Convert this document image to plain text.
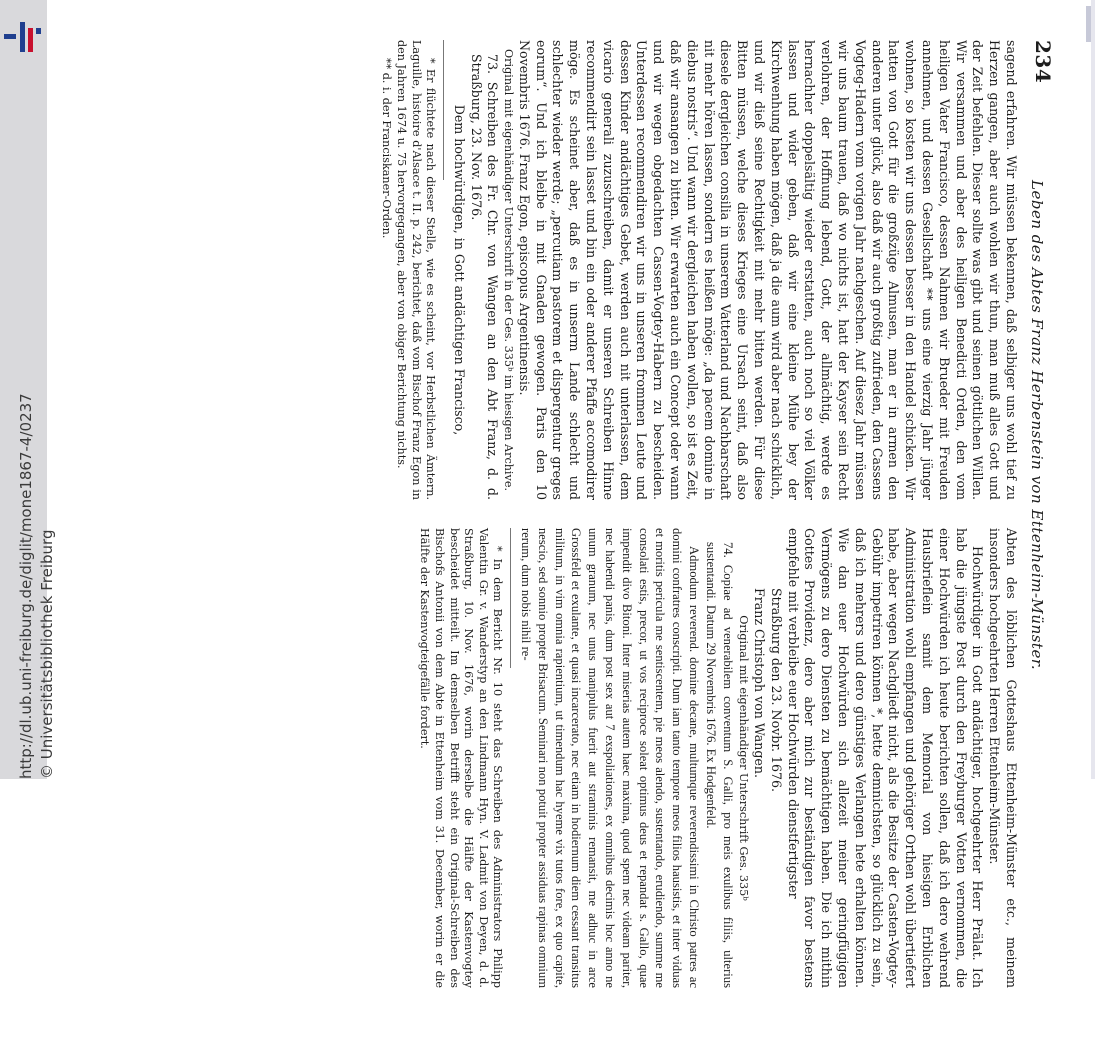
http://dl.ub.uni-freiburg.de/diglit/mone1867-4/0237 © Universitätsbibliothek Freiburg
234
Leben des Abtes Franz Herbenstein von Ettenheim-Münster.

sagend erfahren. Wir müssen bekennen, daß selbiger uns wohl tief zu Herzen gangen, aber auch wohlen wir thun, man muß alles Gott und der Zeit befehlen. Dieser sollte was gibt und seinen göttlichen Willen. Wir versammen und aber des heiligen Benedicti Orden, den vom heiligen Vater Francisco, dessen Nahmen wir Brueder mit Freuden annehmen, und dessen Gesellschaft ** uns eine vierzig Jahr jünger wohnen, so kosten wir uns dessen besser in den Handel schicken. Wir hatten von Gott für die großzüge Almusen, man er in armen den anderen unter glück, also daß wir auch großtig zufrieden, den Cassens Vogteg-Hadern vom vorigen Jahr nachgeschen. Auf diesez Jahr müssen wir uns baum trauen, daß wo nichts ist, hatt der Kayser sein Recht verlohren, der Hoffnung lebend, Gott, der allmächtig, werde es hernachher doppelsältig wieder erstatten, auch noch so viel Völker lassen und wider geben, daß wir eine kleine Mühe bey der Kirchwenhung haben mögen, daß ja die aum wird aber nach schicklich, und wir dieß seine Rechtigkeit mit mehr bitten werden. Für diese Bitten müssen, welche dieses Krieges eine Ursach seint, daß also diesele dergleichen consilia in unserem Vatterland und Nachbarschaft nit mehr hören lassen, sondern es heißen möge: „da pacem domine in diebus nostris“. Und wann wir dergleichen haben wollen, so ist es Zeit, daß wir ansangen zu bitten. Wir erwarten auch ein Concept oder wann und wir wegen obgedachten Cassen-Vogtey-Habern zu bescheiden. Unterdessen recommendiren wir uns in unseren frommen Leute und dessen Kinder andächtiges Gebet, werden auch nit unterlassen, dem vicario generali zuzuschreiben, damit er unseren Schreiben Hinne recommendirt sein lasset und bin ein oder anderer Pfaffe accomodirer möge. Es scheinet aber, daß es in unserm Lande schlecht und schlechter wieder werde; „percutiam pastorem et dispergentur greges eorum“. Und ich bleibe in mit Gnaden gewogen. Paris den 10 Novembris 1676. Franz Egon, episcopus Argentinensis.

Original mit eigenhändiger Unterschrift in der Ges. 335ᵇ im hiesigen Archive.

73. Schreiben des Fr. Chr. von Wangen an den Abt Franz, d. d. Straßburg, 23. Nov. 1676.

Dem hochwürdigen, in Gott andächtigen Francisco,

* Er flüchtete nach dieser Stelle, wie es scheint, vor Herbstlichen Ämtern. Laguille, histoire d'Alsace t. II. p. 242, berichtet, daß vom Bischof Franz Egon in den Jahren 1674 u. 75 hervorgegangen, aber von obiger Berichtung nichts.

** d. i. der Franciskaner-Orden.

Abten des löblichen Gotteshaus Ettenheim-Münster etc., meinem insonders hochgeehrten Herren Ettenheim-Münster.

Hochwürdiger in Gott andächtiger, hochgeehrter Herr Prälat. Ich hab die jüngste Post durch den Freyburger Votten vernommen, die einer Hochwürden ich heute berichten sollen, daß ich dero wehrend Hausbrieflein samit dem Memorial von hiesigen Erblichen Administration wohl empfangen und gehöriger Orthen wohl übertiefert habe, aber wegen Nachgliedt nicht, als die Besitze der Casten-Vogtey-Gebühr impetriren können *, hette demnichsten, so glücklich zu sein, daß ich mehrers und dero günstiges Verlangen hete erhalten können. Wie dan euer Hochwürden sich allezeit meiner geringfügigen Vermögens zu dero Diensten zu bemächtigen haben. Die ich mithin Gottes Providenz, dero aber mich zur beständigen favor bestens empfehle mit verbleibe euer Hochwürden dienstfertigster

Straßburg den 23. Novbr. 1676.

Franz Christoph von Wangen.

Original mit eigenhändiger Unterschrift Ges. 335ᵇ

74. Copiae ad venerabilem conventum S. Galli, pro meis exulibus filiis, ulterius sustentandi. Datum 29 Novembris 1676. Ex Hodgenfeld.

Admodum reverend. domine decane, multumque reverendissimi in Christo patres ac domini confratres conscripti. Dum iam tanto tempore meos filios hausistis, et inter viduas et moritis pericula me sentiscentem, pie meos alendo, sustentando, erudiendo, summe me consolati estis, precor, ut vos reciproce soleat optimus deus et repandat s. Gallo, quae impendit divo Bitoni. Inter miserias autem haec maxima, quod spem nec videam pariter, nec habendi panis, dum post sex aut 7 exspoliationes, ex omnibus decimis hoc anno ne unum granum, nec unus manipulus fuerit aut straminis remansit, me adhuc in arce Grossfeld et exulante, et quasi incarcerato, nec etiam in hodiernum diem cessant transitus militum, in vim omnia rapientium, ut timendum hac hyeme vix tutos fore, ex quo capite, nescio, sed sonnio propter Brisacum. Seminari non potuit propter assiduas rapinas omnium rerum, dum nobis nihil re-

* In dem Bericht Nr. 10 steht das Schreiben des Administrators Philipp Valentin Gr. v. Wanderstyp an den Lindmann Hyn. V. Ladmit von Deyen, d. d. Straßburg, 10. Nov. 1676, worin derselbe die Hälfte der Kastenvogtey bescheidet mitteilt. Im demselben Betrifft steht ein Original-Schreiben des Bischofs Antonii von dem Abte in Ettenheim vom 31. December, worin er die Hälfte der Kastenvogteigefälle fordert.
